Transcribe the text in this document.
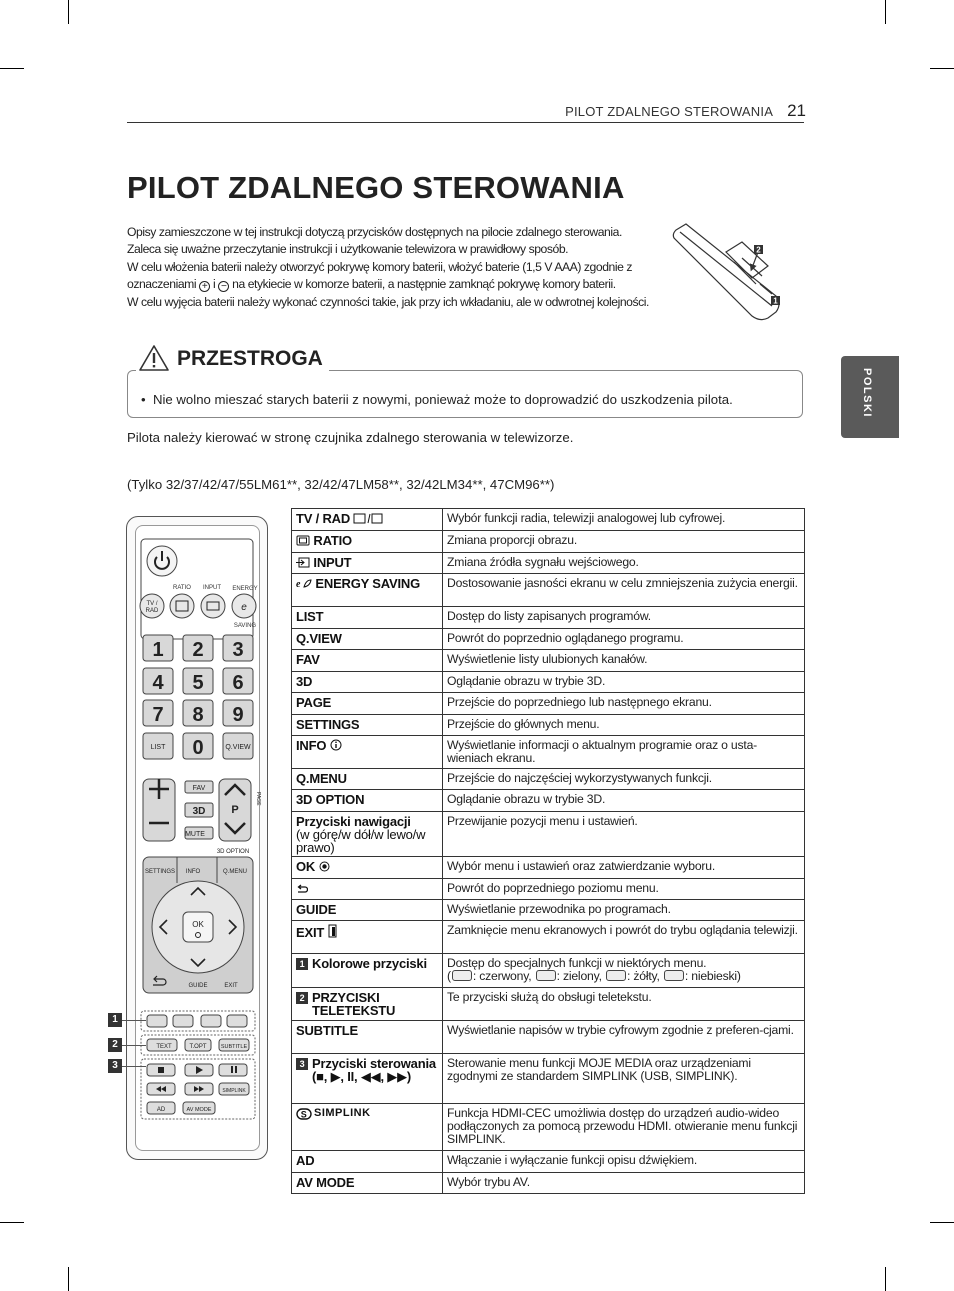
PILOT ZDALNEGO STEROWANIA 21
PILOT ZDALNEGO STEROWANIA

Opisy zamieszczone w tej instrukcji dotyczą przycisków dostępnych na pilocie zdalnego sterowania.

Zaleca się uważne przeczytanie instrukcji i użytkowanie telewizora w prawidłowy sposób.

W celu włożenia baterii należy otworzyć pokrywę komory baterii, włożyć baterie (1,5 V AAA) zgodnie z

oznaczeniami + i − na etykiecie w komorze baterii, a następnie zamknąć pokrywę komory baterii.

W celu wyjęcia baterii należy wykonać czynności takie, jak przy ich wkładaniu, ale w odwrotnej kolejności.

2
1
POLSKI
PRZESTROGA
• Nie wolno mieszać starych baterii z nowymi, ponieważ może to doprowadzić do uszkodzenia pilota.
Pilota należy kierować w stronę czujnika zdalnego sterowania w telewizorze.
(Tylko 32/37/42/47/55LM61**, 32/42/47LM58**, 32/42LM34**, 47CM96**)
RATIO INPUT ENERGY
SAVING
TV /
RAD	e
1 2 3
4 5 6
7 8 9
0
LIST	Q.VIEW
FAV
3D
MUTE
P
3D OPTION
PAGE
SETTINGS INFO	Q.MENU
OK
GUIDE	EXIT
TEXT	T.OPT	SUBTITLE
SIMPLINK
AD	AV MODE
1
2
3
TV / RAD	Wybór funkcji radia, telewizji analogowej lub cyfrowej.
RATIO	Zmiana proporcji obrazu.
INPUT	Zmiana źródła sygnału wejściowego.

e ENERGY SAVING	Dostosowanie jasności ekranu w celu zmniejszenia zużycia energii.
LIST	Dostęp do listy zapisanych programów.
Q.VIEW	Powrót do poprzednio oglądanego programu.
FAV	Wyświetlenie listy ulubionych kanałów.
3D	Oglądanie obrazu w trybie 3D.
PAGE	Przejście do poprzedniego lub następnego ekranu.
SETTINGS	Przejście do głównych menu.
INFO	Wyświetlanie informacji o aktualnym programie oraz o usta-wieniach ekranu.
Q.MENU	Przejście do najczęściej wykorzystywanych funkcji.
3D OPTION	Oglądanie obrazu w trybie 3D.
Przyciski nawigacji
(w górę/w dół/w lewo/w prawo)	Przewijanie pozycji menu i ustawień.
OK	Wybór menu i ustawień oraz zatwierdzanie wyboru.
	Powrót do poprzedniego poziomu menu.
GUIDE	Wyświetlanie przewodnika po programach.
EXIT	Zamknięcie menu ekranowych i powrót do trybu oglądania telewizji.

1 Kolorowe przyciski	Dostęp do specjalnych funkcji w niektórych menu.
( : czerwony, : zielony, : żółty, : niebieski)

2 PRZYCISKI TELETEKSTU	Te przyciski służą do obsługi teletekstu.
SUBTITLE	Wyświetlanie napisów w trybie cyfrowym zgodnie z preferen-cjami.

3 Przyciski sterowania
(■, ▶, II, ◀◀, ▶▶)	Sterowanie menu funkcji MOJE MEDIA oraz urządzeniami zgodnymi ze standardem SIMPLINK (USB, SIMPLINK).

S SIMPLINK	Funkcja HDMI-CEC umożliwia dostęp do urządzeń audio-wideo podłączonych za pomocą przewodu HDMI. otwieranie menu funkcji SIMPLINK.
AD	Włączanie i wyłączanie funkcji opisu dźwiękiem.
AV MODE	Wybór trybu AV.
